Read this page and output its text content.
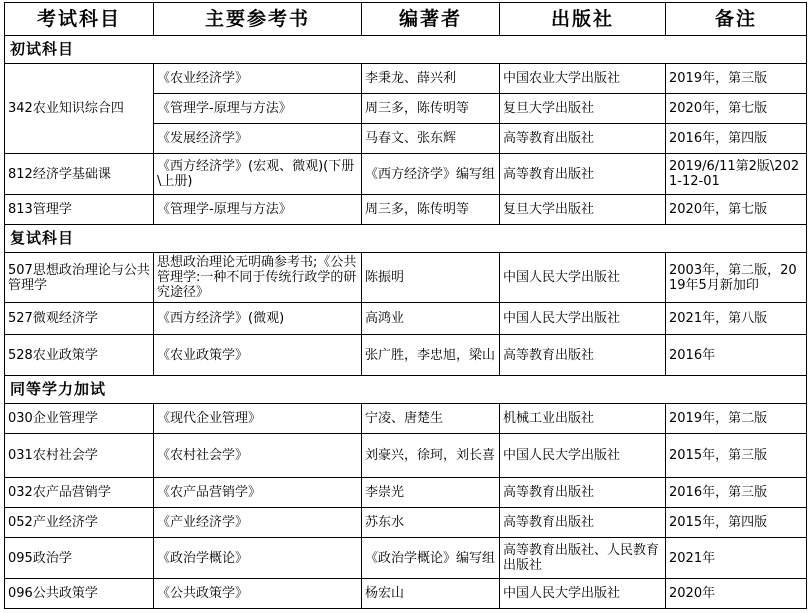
考试科目	主要参考书	编著者	出版社	备注
初试科目				
342农业知识综合四	《农业经济学》	李秉龙、薛兴利	中国农业大学出版社	2019年，第三版
	《管理学-原理与方法》	周三多，陈传明等	复旦大学出版社	2020年，第七版
	《发展经济学》	马春文、张东辉	高等教育出版社	2016年，第四版
812经济学基础课	《西方经济学》(宏观、微观)(下册\上册)	《西方经济学》编写组	高等教育出版社	2019/6/11第2版\2021-12-01
813管理学	《管理学-原理与方法》	周三多，陈传明等	复旦大学出版社	2020年，第七版
复试科目				
507思想政治理论与公共管理学	思想政治理论无明确参考书;《公共管理学:一种不同于传统行政学的研究途径》	陈振明	中国人民大学出版社	2003年，第二版，2019年5月新加印
527微观经济学	《西方经济学》(微观)	高鸿业	中国人民大学出版社	2021年，第八版
528农业政策学	《农业政策学》	张广胜，李忠旭，梁山	高等教育出版社	2016年
同等学力加试				
030企业管理学	《现代企业管理》	宁凌、唐楚生	机械工业出版社	2019年，第二版
031农村社会学	《农村社会学》	刘豪兴，徐珂，刘长喜	中国人民大学出版社	2015年，第三版
032农产品营销学	《农产品营销学》	李崇光	高等教育出版社	2016年，第三版
052产业经济学	《产业经济学》	苏东水	高等教育出版社	2015年，第四版
095政治学	《政治学概论》	《政治学概论》编写组	高等教育出版社、人民教育出版社	2021年
096公共政策学	《公共政策学》	杨宏山	中国人民大学出版社	2020年
